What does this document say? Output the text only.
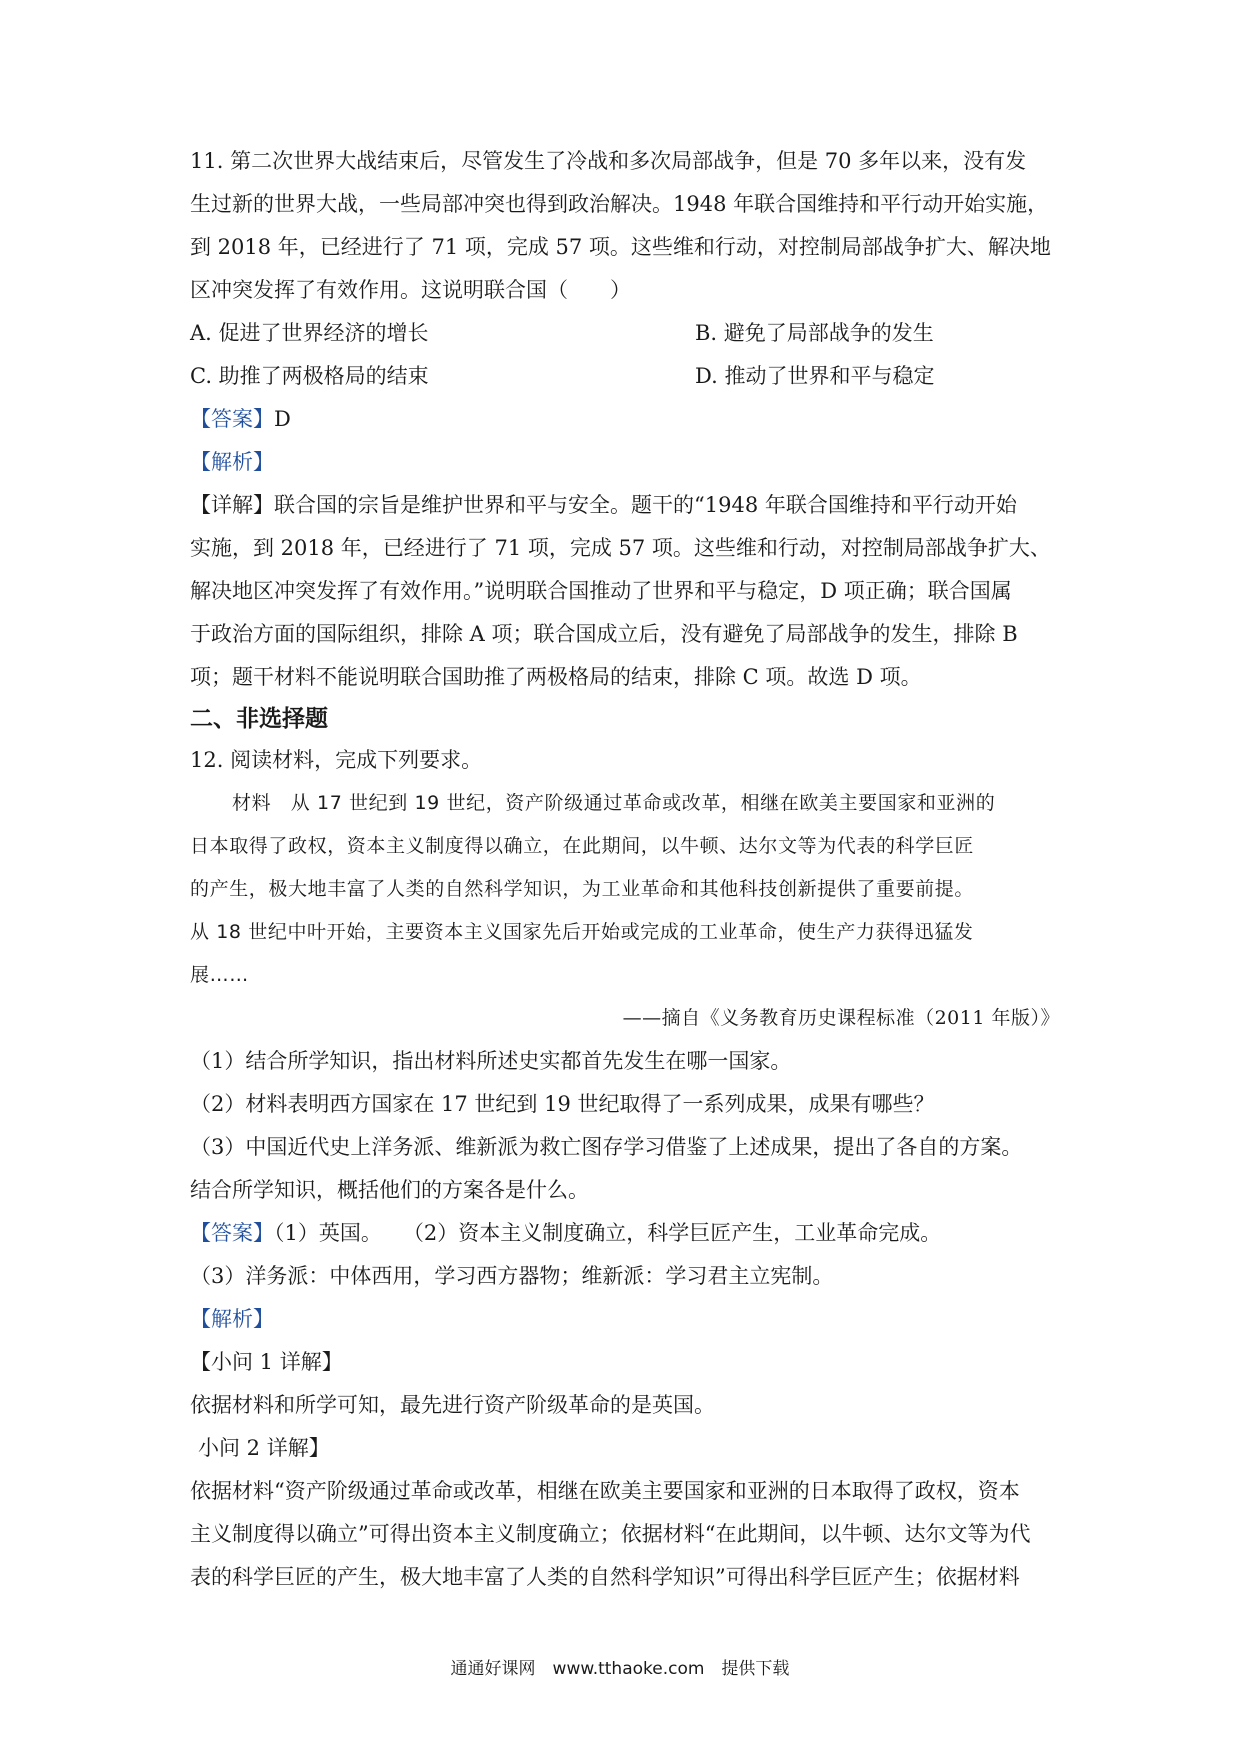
11. 第二次世界大战结束后，尽管发生了冷战和多次局部战争，但是 70 多年以来，没有发
生过新的世界大战，一些局部冲突也得到政治解决。1948 年联合国维持和平行动开始实施，
到 2018 年，已经进行了 71 项，完成 57 项。这些维和行动，对控制局部战争扩大、解决地
区冲突发挥了有效作用。这说明联合国（　　）
A. 促进了世界经济的增长	B. 避免了局部战争的发生
C. 助推了两极格局的结束	D. 推动了世界和平与稳定
【答案】D
【解析】
【详解】联合国的宗旨是维护世界和平与安全。题干的“1948 年联合国维持和平行动开始
实施，到 2018 年，已经进行了 71 项，完成 57 项。这些维和行动，对控制局部战争扩大、
解决地区冲突发挥了有效作用。”说明联合国推动了世界和平与稳定，D 项正确；联合国属
于政治方面的国际组织，排除 A 项；联合国成立后，没有避免了局部战争的发生，排除 B
项；题干材料不能说明联合国助推了两极格局的结束，排除 C 项。故选 D 项。
二、非选择题
12. 阅读材料，完成下列要求。
材料　从 17 世纪到 19 世纪，资产阶级通过革命或改革，相继在欧美主要国家和亚洲的
日本取得了政权，资本主义制度得以确立，在此期间，以牛顿、达尔文等为代表的科学巨匠
的产生，极大地丰富了人类的自然科学知识，为工业革命和其他科技创新提供了重要前提。
从 18 世纪中叶开始，主要资本主义国家先后开始或完成的工业革命，使生产力获得迅猛发
展……
——摘自《义务教育历史课程标准（2011 年版）》
（1）结合所学知识，指出材料所述史实都首先发生在哪一国家。
（2）材料表明西方国家在 17 世纪到 19 世纪取得了一系列成果，成果有哪些？
（3）中国近代史上洋务派、维新派为救亡图存学习借鉴了上述成果，提出了各自的方案。
结合所学知识，概括他们的方案各是什么。
【答案】（1）英国。　　（2）资本主义制度确立，科学巨匠产生，工业革命完成。
（3）洋务派：中体西用，学习西方器物；维新派：学习君主立宪制。
【解析】
【小问 1 详解】
依据材料和所学可知，最先进行资产阶级革命的是英国。
小问 2 详解】
依据材料“资产阶级通过革命或改革，相继在欧美主要国家和亚洲的日本取得了政权，资本
主义制度得以确立”可得出资本主义制度确立；依据材料“在此期间，以牛顿、达尔文等为代
表的科学巨匠的产生，极大地丰富了人类的自然科学知识”可得出科学巨匠产生；依据材料
通通好课网　www.tthaoke.com　提供下载
